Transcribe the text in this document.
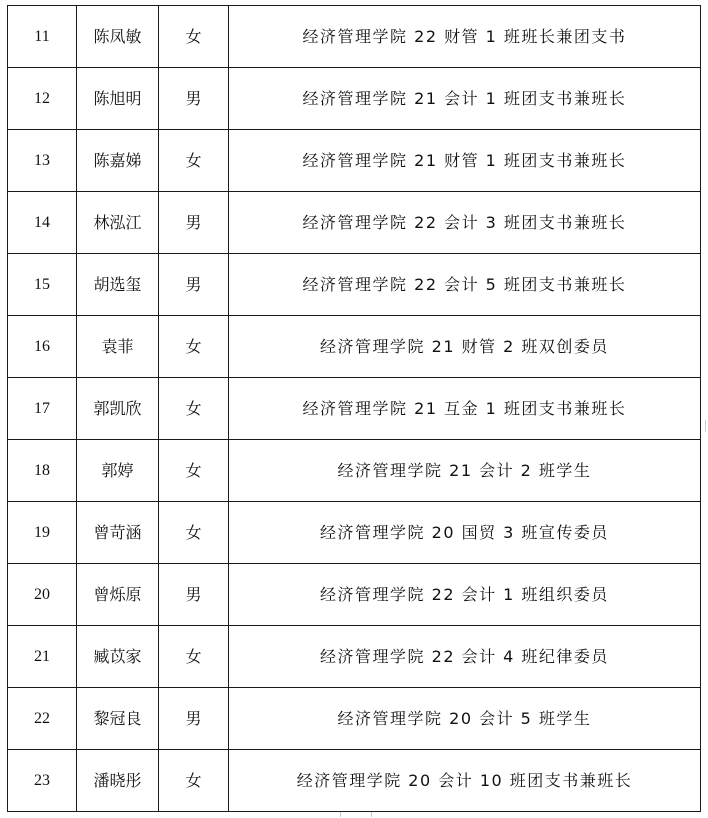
11	陈凤敏	女	经济管理学院 22 财管 1 班班长兼团支书
12	陈旭明	男	经济管理学院 21 会计 1 班团支书兼班长
13	陈嘉娣	女	经济管理学院 21 财管 1 班团支书兼班长
14	林泓江	男	经济管理学院 22 会计 3 班团支书兼班长
15	胡选玺	男	经济管理学院 22 会计 5 班团支书兼班长
16	袁菲	女	经济管理学院 21 财管 2 班双创委员
17	郭凯欣	女	经济管理学院 21 互金 1 班团支书兼班长
18	郭婷	女	经济管理学院 21 会计 2 班学生
19	曾苛涵	女	经济管理学院 20 国贸 3 班宣传委员
20	曾烁原	男	经济管理学院 22 会计 1 班组织委员
21	臧苡家	女	经济管理学院 22 会计 4 班纪律委员
22	黎冠良	男	经济管理学院 20 会计 5 班学生
23	潘晓彤	女	经济管理学院 20 会计 10 班团支书兼班长
